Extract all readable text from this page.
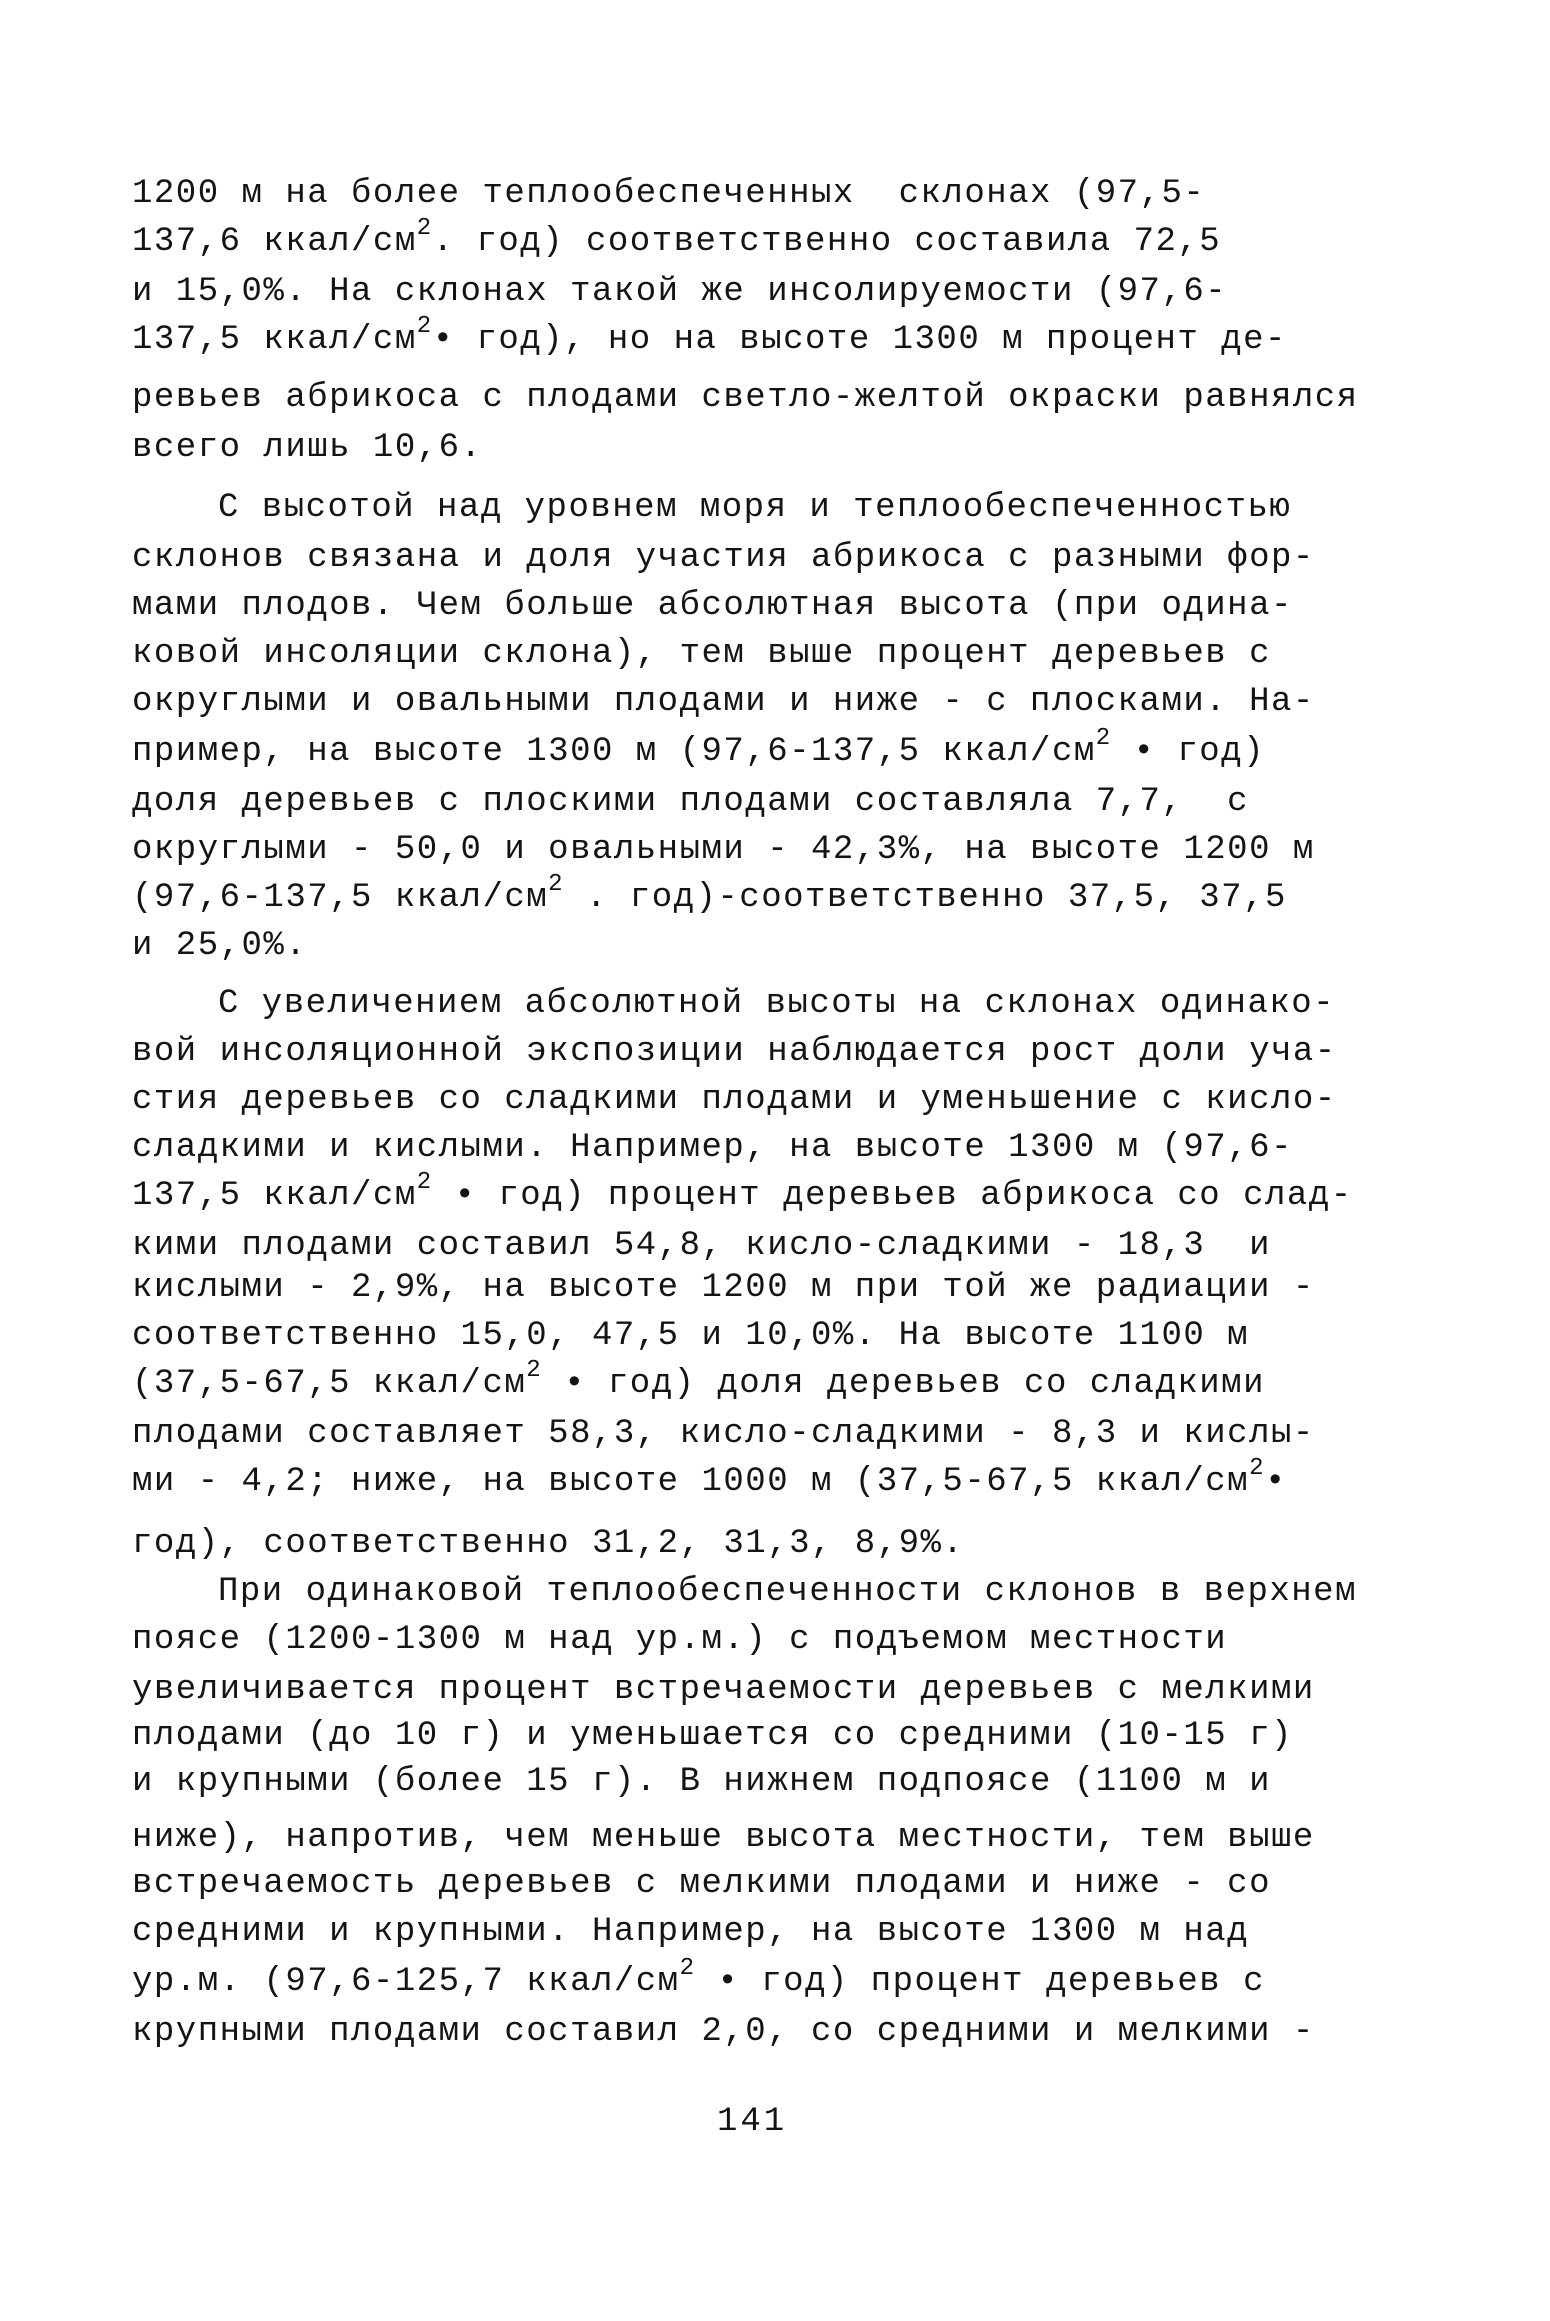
1200 м на более теплообеспеченных  склонах (97,5-
137,6 ккал/$см^2$. год) соответственно составила 72,5
и 15,0%. На склонах такой же инсолируемости (97,6-
137,5 ккал/$см^2•$ год), но на высоте 1300 м процент де-
ревьев абрикоса с плодами светло-желтой окраски равнялся
всего лишь 10,6.
С высотой над уровнем моря и теплообеспеченностью
склонов связана и доля участия абрикоса с разными фор-
мами плодов. Чем больше абсолютная высота (при одина-
ковой инсоляции склона), тем выше процент деревьев с
округлыми и овальными плодами и ниже - с плосками. На-
пример, на высоте 1300 м (97,6-137,5 ккал/$см^2$ • год)
доля деревьев с плоскими плодами составляла 7,7,  с
округлыми - 50,0 и овальными - 42,3%, на высоте 1200 м
(97,6-137,5 ккал/$см^2$ . год)-соответственно 37,5, 37,5
и 25,0%.
С увеличением абсолютной высоты на склонах одинако-
вой инсоляционной экспозиции наблюдается рост доли уча-
стия деревьев со сладкими плодами и уменьшение с кисло-
сладкими и кислыми. Например, на высоте 1300 м (97,6-
137,5 ккал/$см^2$ • год) процент деревьев абрикоса со слад-
кими плодами составил 54,8, кисло-сладкими - 18,3  и
кислыми - 2,9%, на высоте 1200 м при той же радиации -
соответственно 15,0, 47,5 и 10,0%. На высоте 1100 м
(37,5-67,5 ккал/$см^2$ • год) доля деревьев со сладкими
плодами составляет 58,3, кисло-сладкими - 8,3 и кислы-
ми - 4,2; ниже, на высоте 1000 м (37,5-67,5 ккал/$см^2•$
год), соответственно 31,2, 31,3, 8,9%.
При одинаковой теплообеспеченности склонов в верхнем
поясе (1200-1300 м над ур.м.) с подъемом местности
увеличивается процент встречаемости деревьев с мелкими
плодами (до 10 г) и уменьшается со средними (10-15 г)
и крупными (более 15 г). В нижнем подпоясе (1100 м и
ниже), напротив, чем меньше высота местности, тем выше
встречаемость деревьев с мелкими плодами и ниже - со
средними и крупными. Например, на высоте 1300 м над
ур.м. (97,6-125,7 ккал/$см^2$ • год) процент деревьев с
крупными плодами составил 2,0, со средними и мелкими -
141
